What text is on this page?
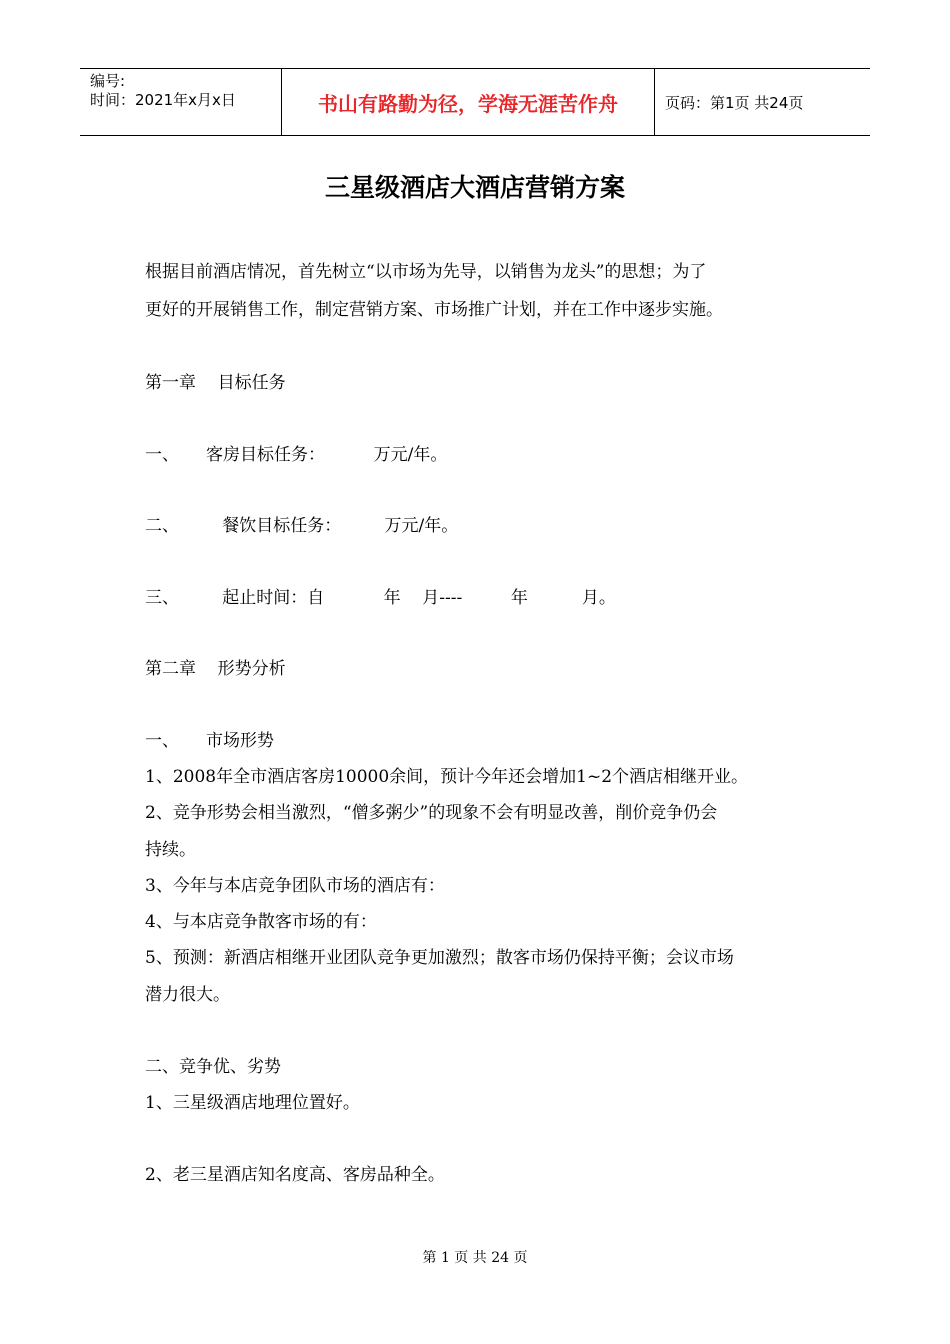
编号:
时间：2021年x月x日	书山有路勤为径，学海无涯苦作舟	页码：第1页 共24页
三星级酒店大酒店营销方案
根据目前酒店情况，首先树立“以市场为先导，以销售为龙头”的思想；为了
更好的开展销售工作，制定营销方案、市场推广计划，并在工作中逐步实施。
第一章    目标任务
一、     客房目标任务：         万元/年。
二、        餐饮目标任务：        万元/年。
三、        起止时间：自           年    月----         年          月。
第二章    形势分析
一、     市场形势
1、2008年全市酒店客房10000余间，预计今年还会增加1~2个酒店相继开业。
2、竞争形势会相当激烈，“僧多粥少”的现象不会有明显改善，削价竞争仍会
持续。
3、今年与本店竞争团队市场的酒店有：
4、与本店竞争散客市场的有：
5、预测：新酒店相继开业团队竞争更加激烈；散客市场仍保持平衡；会议市场
潜力很大。
二、竞争优、劣势
1、三星级酒店地理位置好。
2、老三星酒店知名度高、客房品种全。
第 1 页 共 24 页
